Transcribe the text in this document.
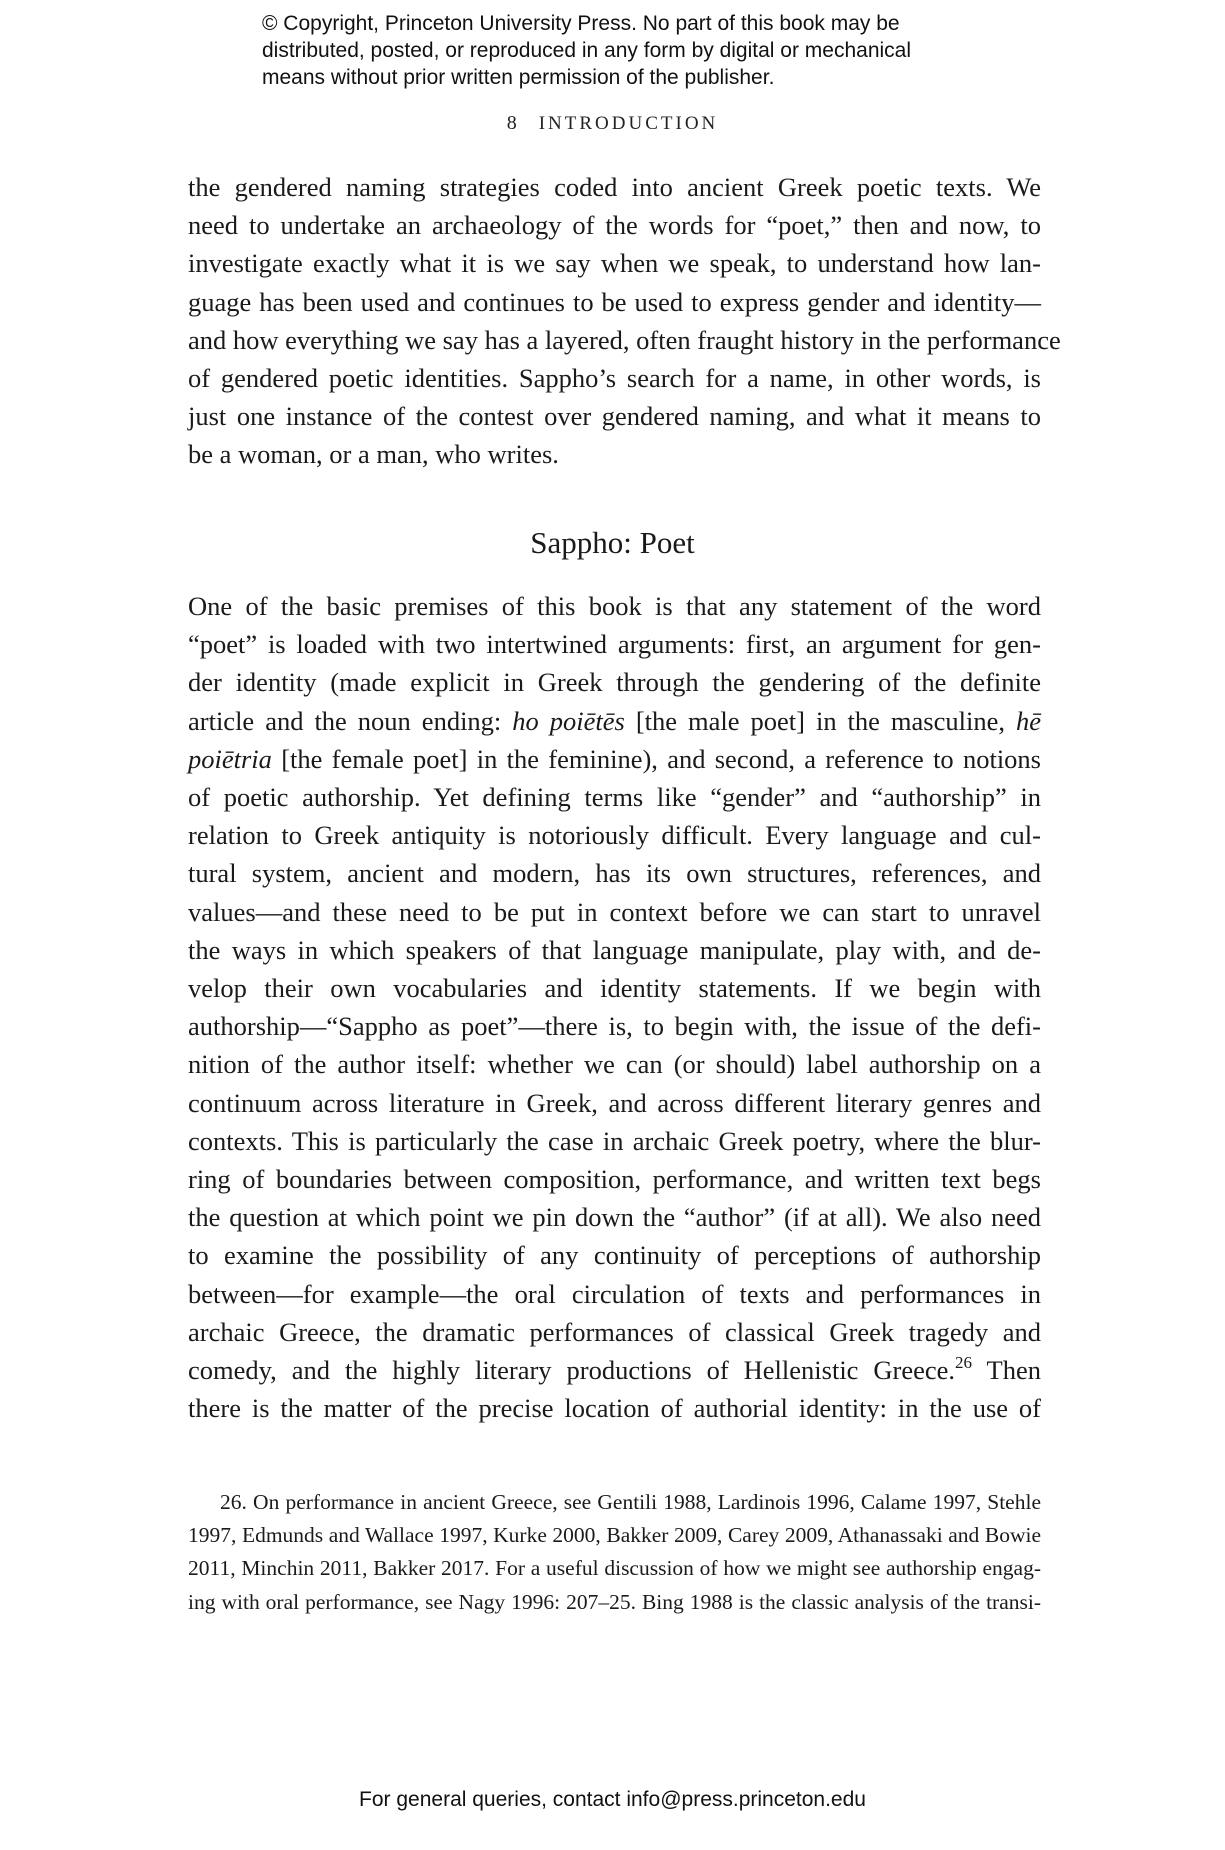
© Copyright, Princeton University Press. No part of this book may be
distributed, posted, or reproduced in any form by digital or mechanical
means without prior written permission of the publisher.
8 INTRODUCTION
the gendered naming strategies coded into ancient Greek poetic texts. We
need to undertake an archaeology of the words for “poet,” then and now, to
investigate exactly what it is we say when we speak, to understand how lan-
guage has been used and continues to be used to express gender and identity—
and how everything we say has a layered, often fraught history in the performance
of gendered poetic identities. Sappho’s search for a name, in other words, is
just one instance of the contest over gendered naming, and what it means to
be a woman, or a man, who writes.
Sappho: Poet
One of the basic premises of this book is that any statement of the word
“poet” is loaded with two intertwined arguments: first, an argument for gen-
der identity (made explicit in Greek through the gendering of the definite
article and the noun ending: ho poiētēs [the male poet] in the masculine, hē
poiētria [the female poet] in the feminine), and second, a reference to notions
of poetic authorship. Yet defining terms like “gender” and “authorship” in
relation to Greek antiquity is notoriously difficult. Every language and cul-
tural system, ancient and modern, has its own structures, references, and
values—and these need to be put in context before we can start to unravel
the ways in which speakers of that language manipulate, play with, and de-
velop their own vocabularies and identity statements. If we begin with
authorship—“Sappho as poet”—there is, to begin with, the issue of the defi-
nition of the author itself: whether we can (or should) label authorship on a
continuum across literature in Greek, and across different literary genres and
contexts. This is particularly the case in archaic Greek poetry, where the blur-
ring of boundaries between composition, performance, and written text begs
the question at which point we pin down the “author” (if at all). We also need
to examine the possibility of any continuity of perceptions of authorship
between—for example—the oral circulation of texts and performances in
archaic Greece, the dramatic performances of classical Greek tragedy and
comedy, and the highly literary productions of Hellenistic Greece.$^{26}$ Then
there is the matter of the precise location of authorial identity: in the use of
26. On performance in ancient Greece, see Gentili 1988, Lardinois 1996, Calame 1997, Stehle
1997, Edmunds and Wallace 1997, Kurke 2000, Bakker 2009, Carey 2009, Athanassaki and Bowie
2011, Minchin 2011, Bakker 2017. For a useful discussion of how we might see authorship engag-
ing with oral performance, see Nagy 1996: 207–25. Bing 1988 is the classic analysis of the transi-
For general queries, contact info@press.princeton.edu
